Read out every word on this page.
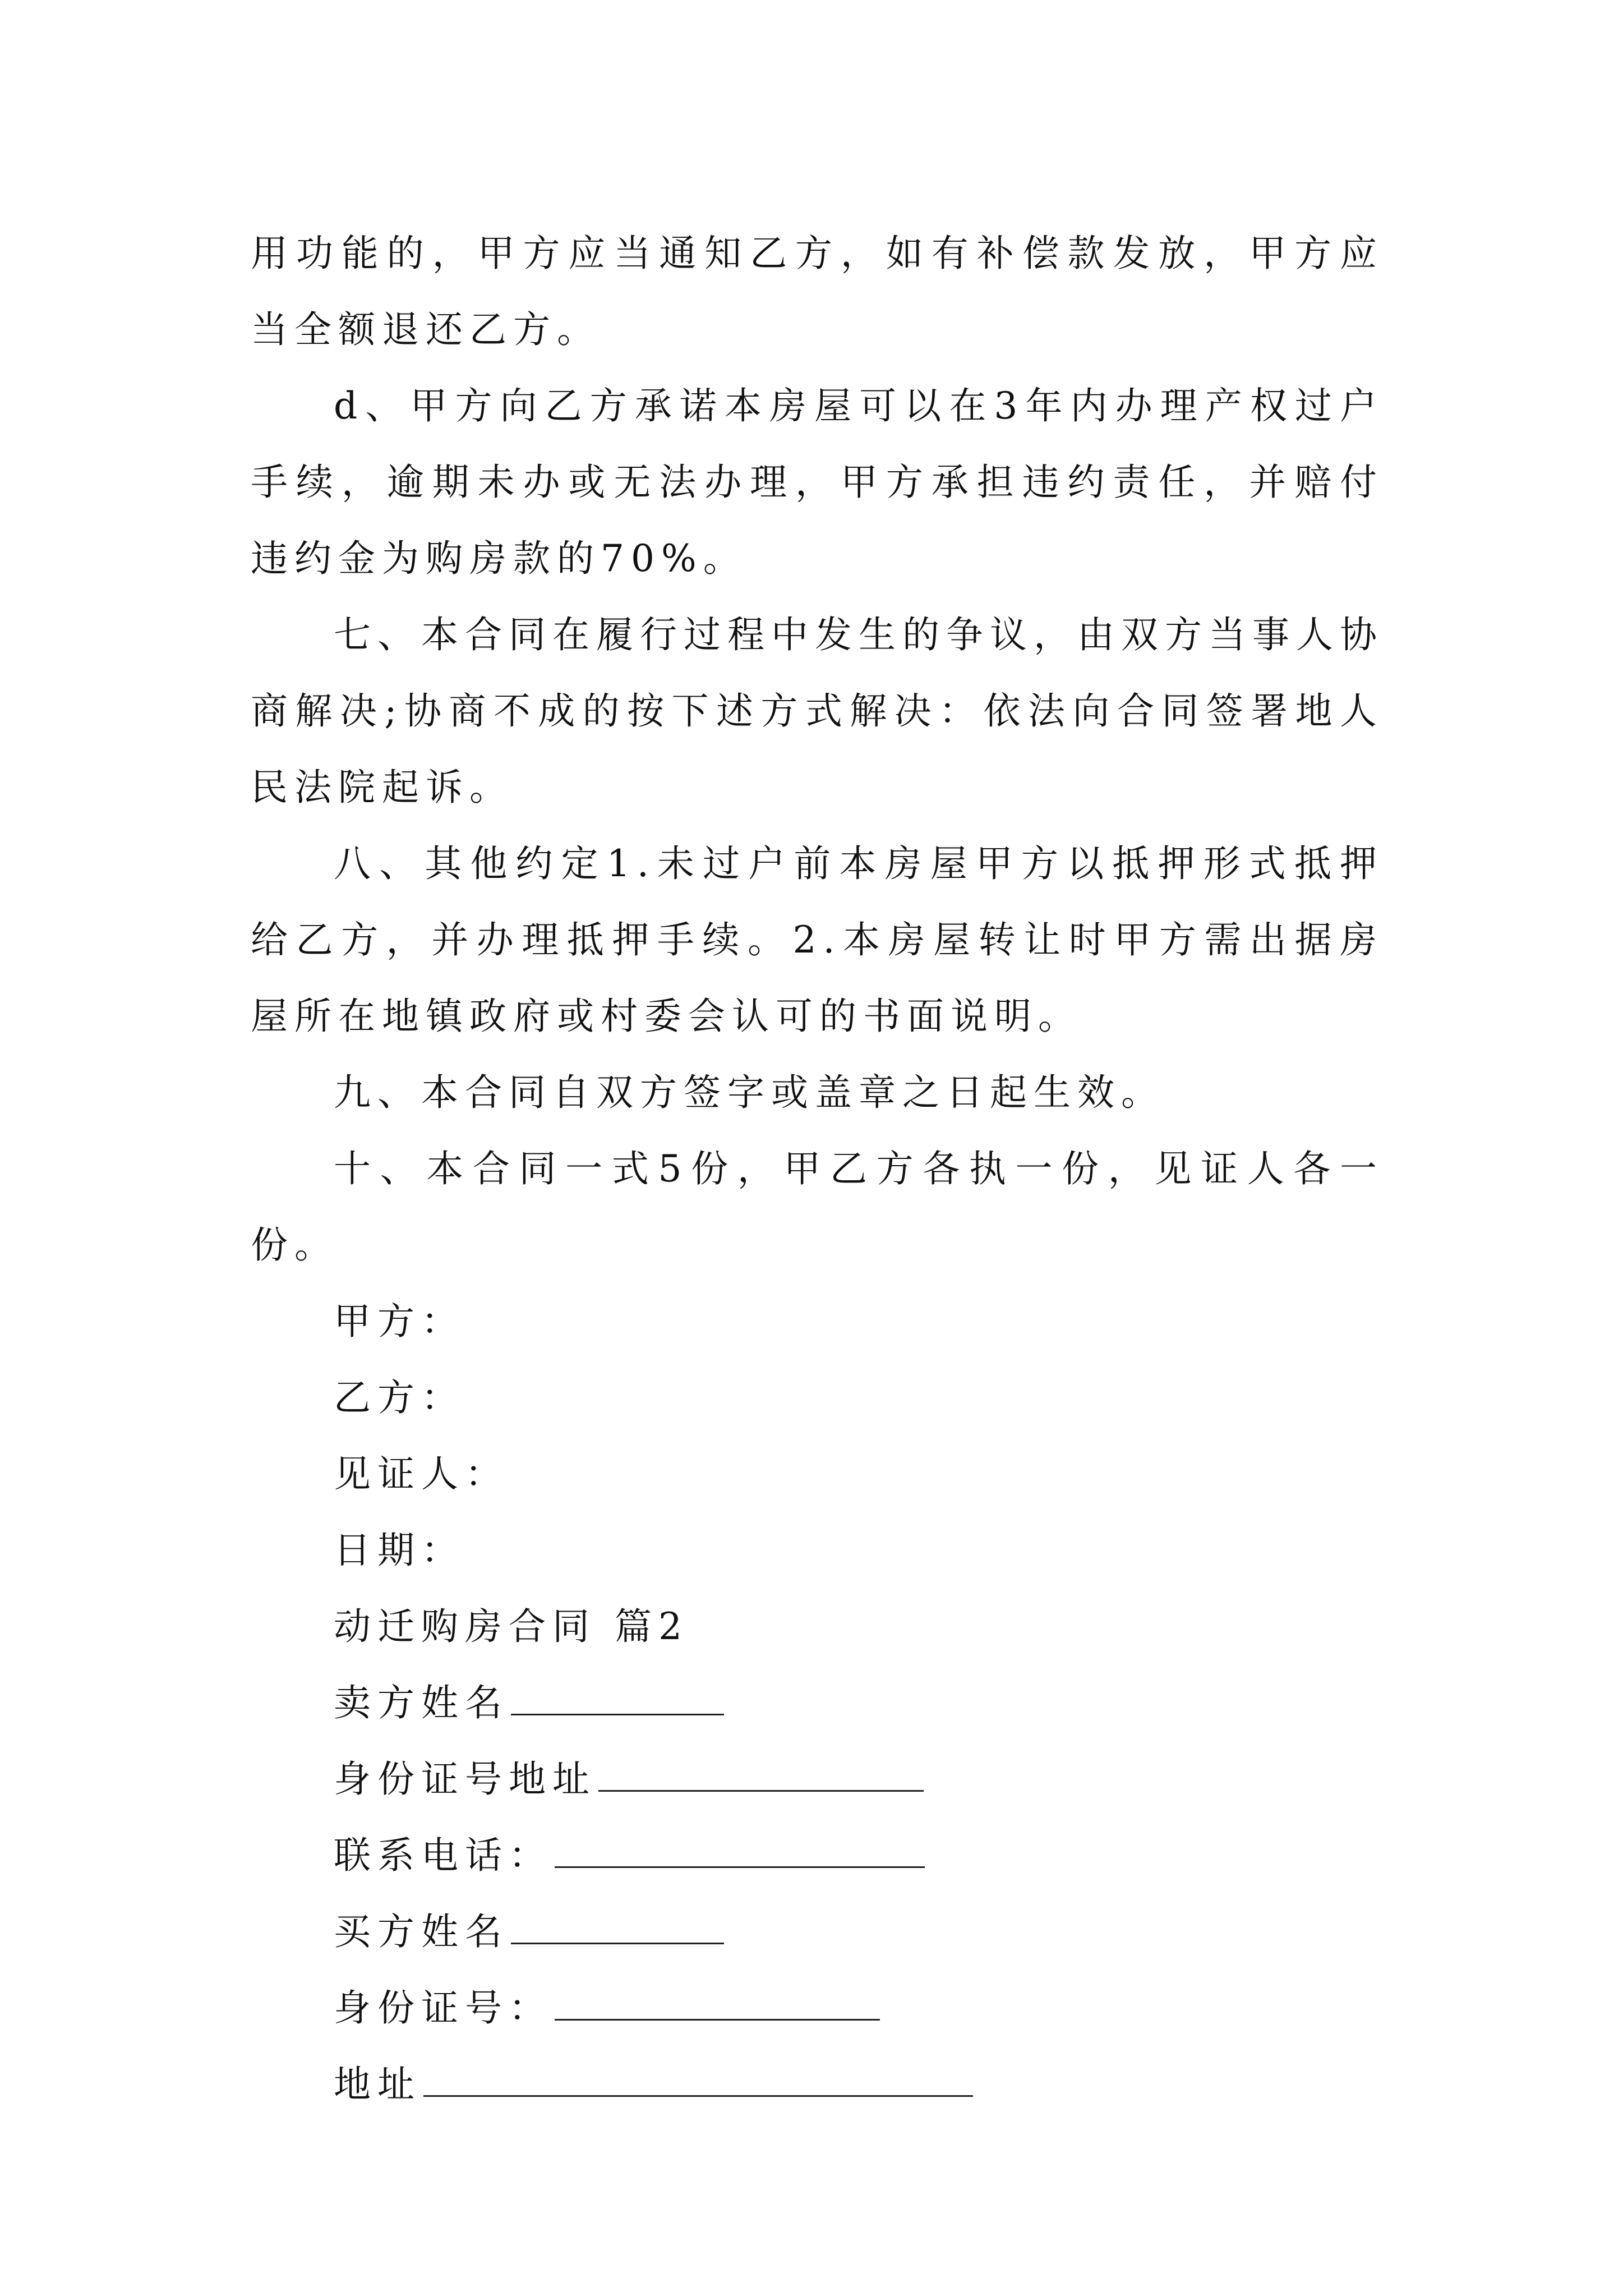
用功能的，甲方应当通知乙方，如有补偿款发放，甲方应当全额退还乙方。

d、甲方向乙方承诺本房屋可以在3年内办理产权过户手续，逾期未办或无法办理，甲方承担违约责任，并赔付违约金为购房款的70%。

七、本合同在履行过程中发生的争议，由双方当事人协商解决;协商不成的按下述方式解决：依法向合同签署地人民法院起诉。

八、其他约定1.未过户前本房屋甲方以抵押形式抵押给乙方，并办理抵押手续。2.本房屋转让时甲方需出据房屋所在地镇政府或村委会认可的书面说明。

九、本合同自双方签字或盖章之日起生效。

十、本合同一式5份，甲乙方各执一份，见证人各一份。

甲方：

乙方：

见证人：

日期：

动迁购房合同 篇2

卖方姓名

身份证号地址

联系电话：

买方姓名

身份证号：

地址
